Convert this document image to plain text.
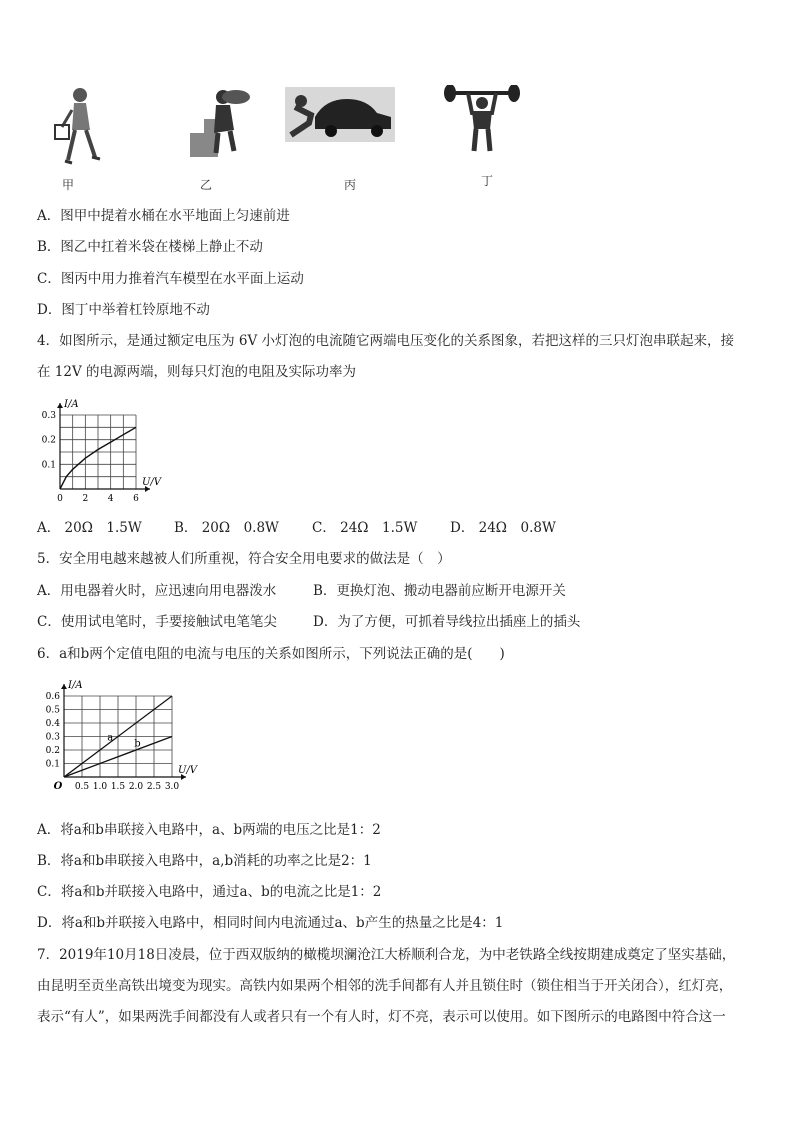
甲	乙	丙	丁
A．图甲中提着水桶在水平地面上匀速前进
B．图乙中扛着米袋在楼梯上静止不动
C．图丙中用力推着汽车模型在水平面上运动
D．图丁中举着杠铃原地不动
4．如图所示，是通过额定电压为 6V 小灯泡的电流随它两端电压变化的关系图象，若把这样的三只灯泡串联起来，接
在 12V 的电源两端，则每只灯泡的电阻及实际功率为
I/A
U/V
0 2 4 6
0.1
0.2
0.3
A． 20Ω　1.5W B． 20Ω　0.8W C． 24Ω　1.5W D． 24Ω　0.8W
5．安全用电越来越被人们所重视，符合安全用电要求的做法是（　）
A．用电器着火时，应迅速向用电器泼水	B．更换灯泡、搬动电器前应断开电源开关
C．使用试电笔时，手要接触试电笔笔尖	D．为了方便，可抓着导线拉出插座上的插头
6．a和b两个定值电阻的电流与电压的关系如图所示，下列说法正确的是(　　)
I/A
U/V
O 0.5 1.0 1.5 2.0 2.5 3.0
0.1
0.2
0.3
0.4
0.5
0.6
a
b
A．将a和b串联接入电路中，a、b两端的电压之比是1：2
B．将a和b串联接入电路中，a,b消耗的功率之比是2：1
C．将a和b并联接入电路中，通过a、b的电流之比是1：2
D．将a和b并联接入电路中，相同时间内电流通过a、b产生的热量之比是4：1
7．2019年10月18日凌晨，位于西双版纳的橄榄坝澜沧江大桥顺利合龙，为中老铁路全线按期建成奠定了坚实基础，
由昆明至贡坐高铁出境变为现实。高铁内如果两个相邻的洗手间都有人并且锁住时（锁住相当于开关闭合），红灯亮，
表示“有人”，如果两洗手间都没有人或者只有一个有人时，灯不亮，表示可以使用。如下图所示的电路图中符合这一
